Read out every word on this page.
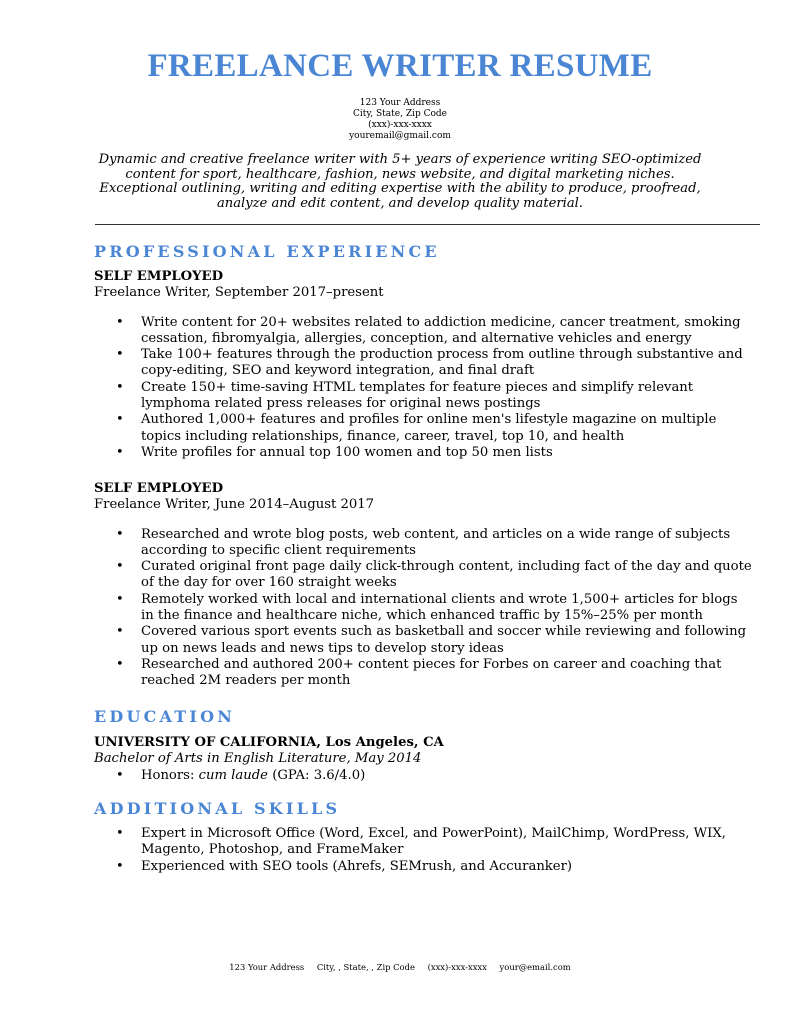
FREELANCE WRITER RESUME
123 Your Address
City, State, Zip Code
(xxx)-xxx-xxxx
youremail@gmail.com
Dynamic and creative freelance writer with 5+ years of experience writing SEO-optimized content for sport, healthcare, fashion, news website, and digital marketing niches. Exceptional outlining, writing and editing expertise with the ability to produce, proofread, analyze and edit content, and develop quality material.
PROFESSIONAL EXPERIENCE
SELF EMPLOYED
Freelance Writer, September 2017–present
• Write content for 20+ websites related to addiction medicine, cancer treatment, smoking cessation, fibromyalgia, allergies, conception, and alternative vehicles and energy
• Take 100+ features through the production process from outline through substantive and copy-editing, SEO and keyword integration, and final draft
• Create 150+ time-saving HTML templates for feature pieces and simplify relevant lymphoma related press releases for original news postings
• Authored 1,000+ features and profiles for online men's lifestyle magazine on multiple topics including relationships, finance, career, travel, top 10, and health
• Write profiles for annual top 100 women and top 50 men lists
SELF EMPLOYED
Freelance Writer, June 2014–August 2017
• Researched and wrote blog posts, web content, and articles on a wide range of subjects according to specific client requirements
• Curated original front page daily click-through content, including fact of the day and quote of the day for over 160 straight weeks
• Remotely worked with local and international clients and wrote 1,500+ articles for blogs in the finance and healthcare niche, which enhanced traffic by 15%–25% per month
• Covered various sport events such as basketball and soccer while reviewing and following up on news leads and news tips to develop story ideas
• Researched and authored 200+ content pieces for Forbes on career and coaching that reached 2M readers per month
EDUCATION
UNIVERSITY OF CALIFORNIA, Los Angeles, CA
Bachelor of Arts in English Literature, May 2014
• Honors: cum laude (GPA: 3.6/4.0)
ADDITIONAL SKILLS
• Expert in Microsoft Office (Word, Excel, and PowerPoint), MailChimp, WordPress, WIX, Magento, Photoshop, and FrameMaker
• Experienced with SEO tools (Ahrefs, SEMrush, and Accuranker)
123 Your Address City, , State, , Zip Code (xxx)-xxx-xxxx your@email.com
